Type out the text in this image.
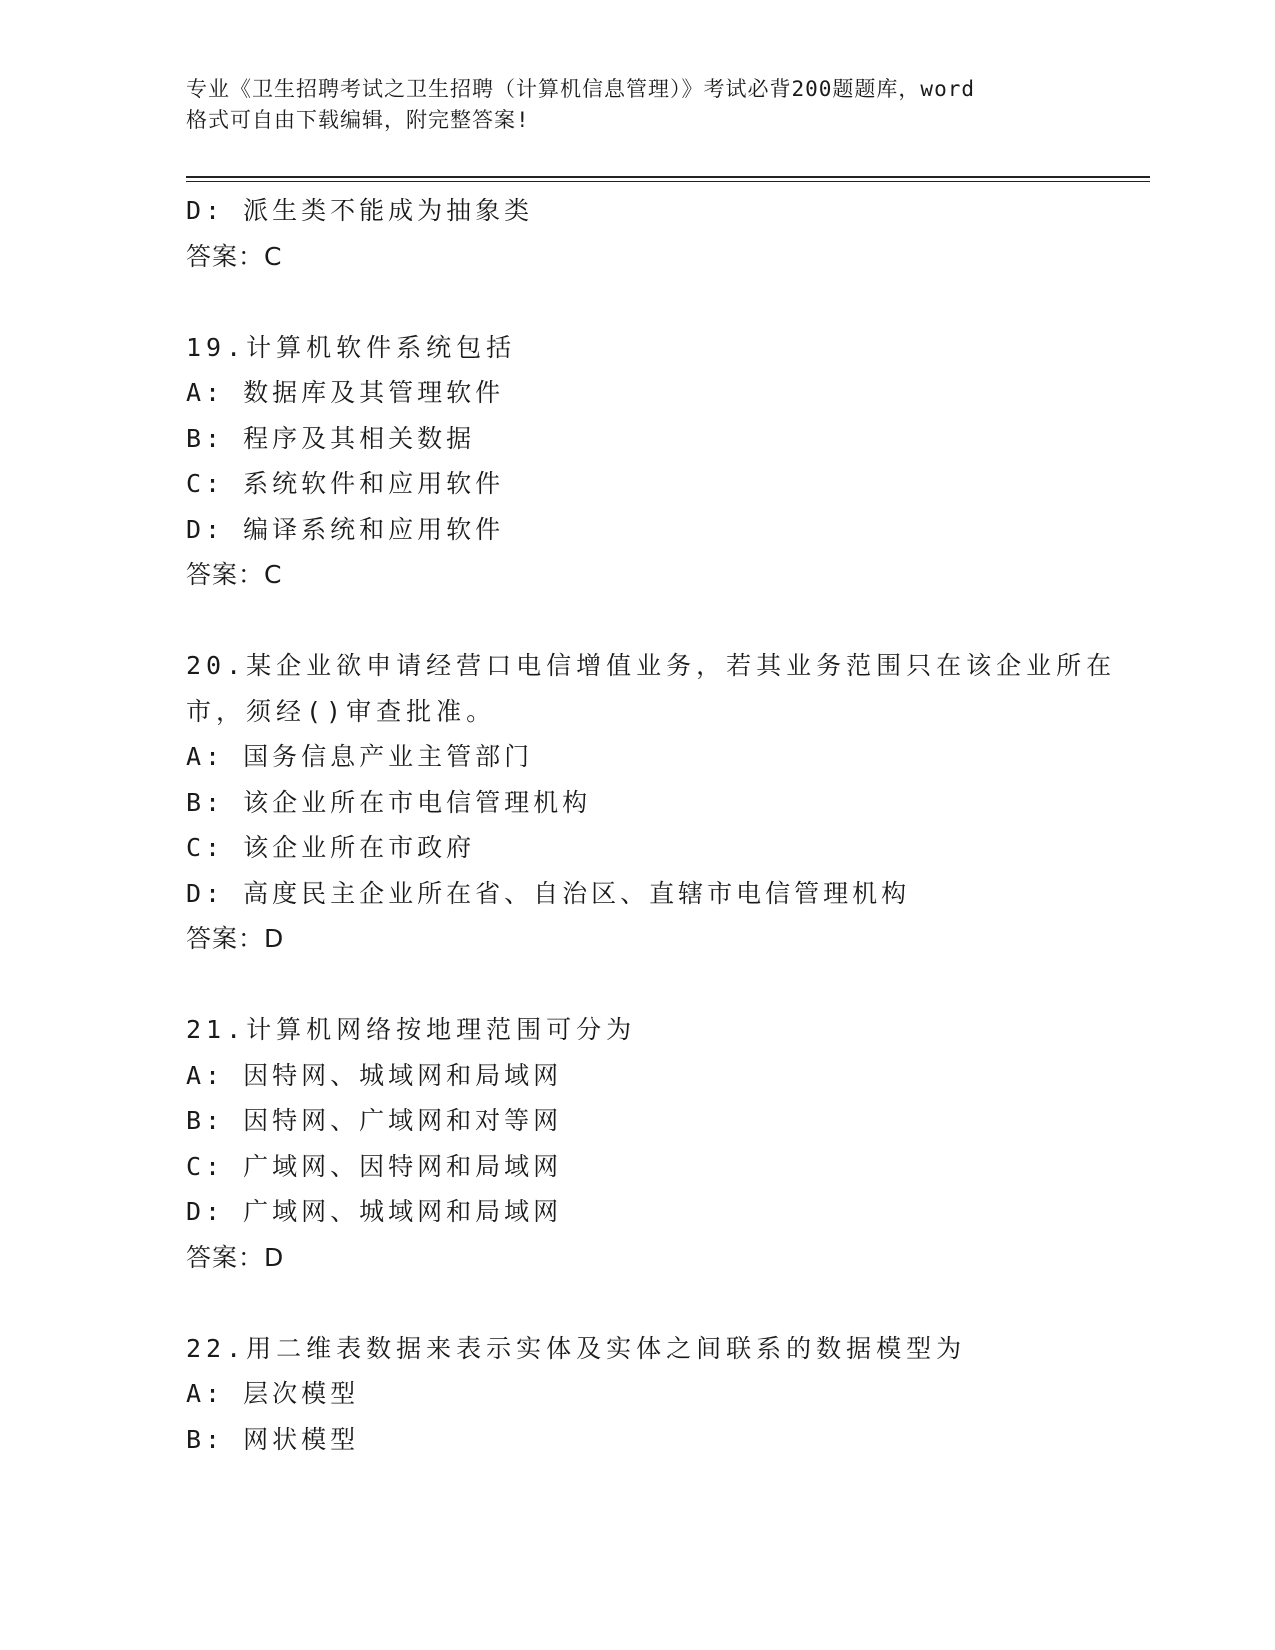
专业《卫生招聘考试之卫生招聘（计算机信息管理）》考试必背200题题库，word
格式可自由下载编辑，附完整答案!
D: 派生类不能成为抽象类
答案：C
19.计算机软件系统包括
A: 数据库及其管理软件
B: 程序及其相关数据
C: 系统软件和应用软件
D: 编译系统和应用软件
答案：C
20.某企业欲申请经营口电信增值业务，若其业务范围只在该企业所在
市，须经()审查批准。
A: 国务信息产业主管部门
B: 该企业所在市电信管理机构
C: 该企业所在市政府
D: 高度民主企业所在省、自治区、直辖市电信管理机构
答案：D
21.计算机网络按地理范围可分为
A: 因特网、城域网和局域网
B: 因特网、广域网和对等网
C: 广域网、因特网和局域网
D: 广域网、城域网和局域网
答案：D
22.用二维表数据来表示实体及实体之间联系的数据模型为
A: 层次模型
B: 网状模型
